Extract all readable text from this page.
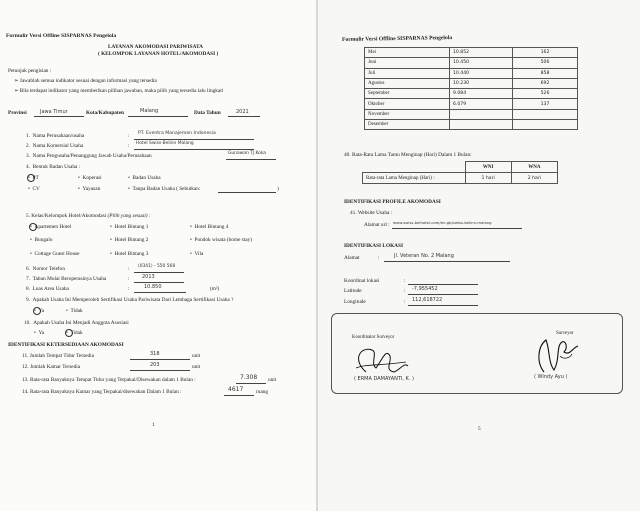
Formulir Versi Offline SISPARNAS Pengelola
LAYANAN AKOMODASI PARIWISATA
( KELOMPOK LAYANAN HOTEL/AKOMODASI )
Petunjuk pengisian :
➢ Jawablah semua indikator sesuai dengan informasi yang tersedia
➢ Bila terdapat indikator yang memberikan pilihan jawaban, maka pilih yang tersedia lalu lingkari
Provinsi	Jawa Timur	Kota/Kabupaten	Malang	Data Tahun	2021
1. Nama Perusahaan/usaha	: PT. Eventra Manajemen Indonesia
2. Nama Komersial Usaha	: Hotel Swiss-Belinn Malang
3. Nama Pengusaha/Penanggung Jawab Usaha/Perusahaan	Gunawan TJ Koka
4. Bentuk Badan Usaha :
•  PT	•  Koperasi	•  Badan Usaha
•  CV	•  Yayasan	•  Tanpa Badan Usaha ( Sebutkan:	)
5. Kelas/Kelompok Hotel/Akomodasi (Pilih yang sesuai) :
•  Apartemen Hotel	•  Hotel Bintang 1	•  Hotel Bintang 4
•  Bungalo	•  Hotel Bintang 2	•  Pondok wisata (home stay)
•  Cottage Guest House	•  Hotel Bintang 3	•  Vila
6. Nomor Telefon	: (0341) - 550 568
7. Tahun Mulai Beroperasinya Usaha	:	2013
8. Luas Area Usaha	:	10.850	(m²)
9. Apakah Usaha Ini Memperoleh Sertifikasi Usaha Pariwisata Dari Lembaga Sertifikasi Usaha ?
•  Ya	•  Tidak
10. Apakah Usaha Ini Menjadi Anggota Asosiasi
•  Ya	•  Tidak
IDENTIFIKASI KETERSEDIAAN AKOMODASI
11. Jumlah Tempat Tidur Tersedia	318	unit
12. Jumlah Kamar Tersedia	203	unit
13. Rata-rata Banyaknya Tempat Tidur yang Terpakai/Disewakan dalam 1 Bulan :	7.308 unit
14. Rata-rata Banyaknya Kamar yang Terpakai/disewakan Dalam 1 Bulan :	4617 ruang
1
Formulir Versi Offline SISPARNAS Pengelola
Mei	10.852	162
Juni	10.450	506
Juli	10.440	858
Agustus	10.230	692
September	9.084	526
Oktober	6.079	137
November		
Desember		
40. Rata-Rata Lama Tamu Menginap (Hari) Dalam 1 Bulan:
	WNI	WNA
Rata-rata Lama Menginap (Hari) :	1 hari	2 hari
IDENTIFIKASI PROFILE AKOMODASI
41. Website Usaha :
Alamat url : www.swiss-belhotel.com/en-gb/swiss-belinn-malang
IDENTIFIKASI LOKASI
Alamat	:	Jl. Veteran No. 2 Malang
Koordinat lokasi	:
Latitude	: -7,955452
Longitude	: 112,618722
Koordinator Surveyor
Surveyor
( ERMA DAMAYANTI, K. )	( Windy Ayu )
5
